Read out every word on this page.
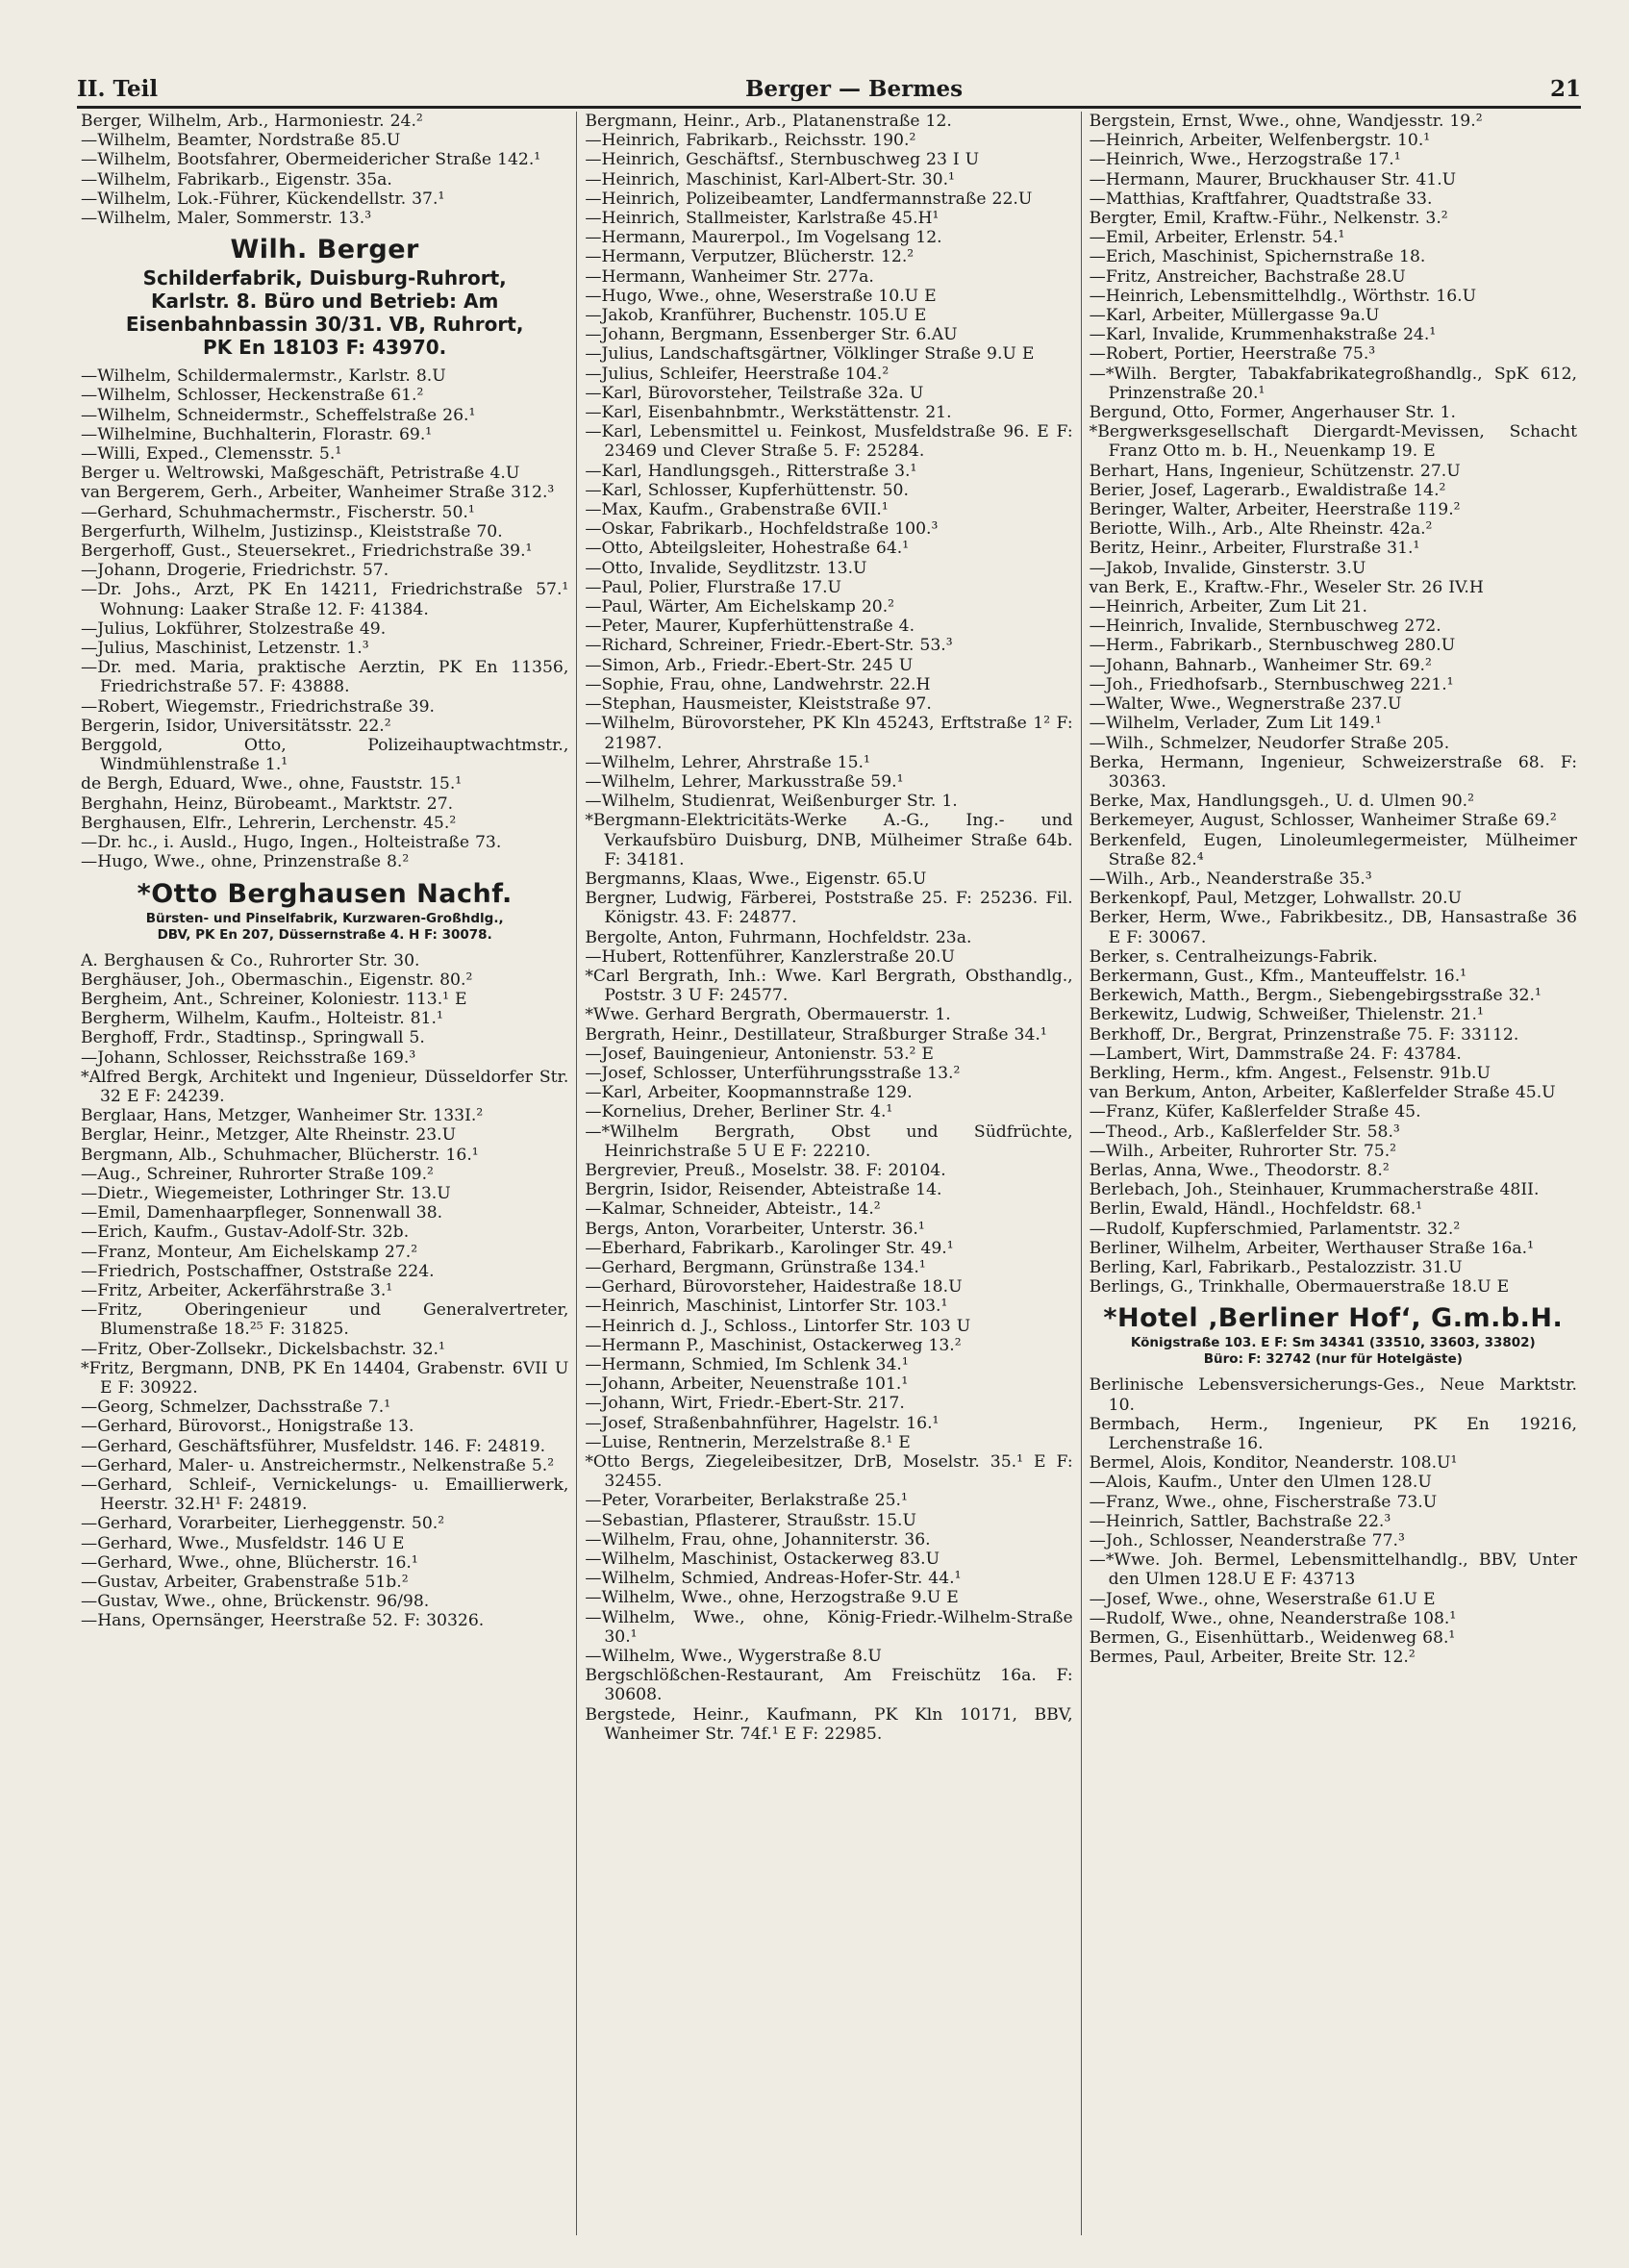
II. Teil	Berger — Bermes	21
Berger, Wilhelm, Arb., Harmoniestr. 24.²
—Wilhelm, Beamter, Nordstraße 85.U
—Wilhelm, Bootsfahrer, Obermeidericher Straße 142.¹
—Wilhelm, Fabrikarb., Eigenstr. 35a.
—Wilhelm, Lok.-Führer, Kückendellstr. 37.¹
—Wilhelm, Maler, Sommerstr. 13.³
Wilh. Berger
Schilderfabrik, Duisburg-Ruhrort,
Karlstr. 8. Büro und Betrieb: Am
Eisenbahnbassin 30/31. VB, Ruhrort,
PK En 18103 F: 43970.
—Wilhelm, Schildermalermstr., Karlstr. 8.U
—Wilhelm, Schlosser, Heckenstraße 61.²
—Wilhelm, Schneidermstr., Scheffelstraße 26.¹
—Wilhelmine, Buchhalterin, Florastr. 69.¹
—Willi, Exped., Clemensstr. 5.¹
Berger u. Weltrowski, Maßgeschäft, Petristraße 4.U
van Bergerem, Gerh., Arbeiter, Wanheimer Straße 312.³
—Gerhard, Schuhmachermstr., Fischerstr. 50.¹
Bergerfurth, Wilhelm, Justizinsp., Kleiststraße 70.
Bergerhoff, Gust., Steuersekret., Friedrichstraße 39.¹
—Johann, Drogerie, Friedrichstr. 57.
—Dr. Johs., Arzt, PK En 14211, Friedrichstraße 57.¹ Wohnung: Laaker Straße 12. F: 41384.
—Julius, Lokführer, Stolzestraße 49.
—Julius, Maschinist, Letzenstr. 1.³
—Dr. med. Maria, praktische Aerztin, PK En 11356, Friedrichstraße 57. F: 43888.
—Robert, Wiegemstr., Friedrichstraße 39.
Bergerin, Isidor, Universitätsstr. 22.²
Berggold, Otto, Polizeihauptwachtmstr., Windmühlenstraße 1.¹
de Bergh, Eduard, Wwe., ohne, Fauststr. 15.¹
Berghahn, Heinz, Bürobeamt., Marktstr. 27.
Berghausen, Elfr., Lehrerin, Lerchenstr. 45.²
—Dr. hc., i. Ausld., Hugo, Ingen., Holteistraße 73.
—Hugo, Wwe., ohne, Prinzenstraße 8.²
*Otto Berghausen Nachf.
Bürsten- und Pinselfabrik, Kurzwaren-Großhdlg.,
DBV, PK En 207, Düssernstraße 4. H F: 30078.
A. Berghausen & Co., Ruhrorter Str. 30.
Berghäuser, Joh., Obermaschin., Eigenstr. 80.²
Bergheim, Ant., Schreiner, Koloniestr. 113.¹ E
Bergherm, Wilhelm, Kaufm., Holteistr. 81.¹
Berghoff, Frdr., Stadtinsp., Springwall 5.
—Johann, Schlosser, Reichsstraße 169.³
*Alfred Bergk, Architekt und Ingenieur, Düsseldorfer Str. 32 E F: 24239.
Berglaar, Hans, Metzger, Wanheimer Str. 133I.²
Berglar, Heinr., Metzger, Alte Rheinstr. 23.U
Bergmann, Alb., Schuhmacher, Blücherstr. 16.¹
—Aug., Schreiner, Ruhrorter Straße 109.²
—Dietr., Wiegemeister, Lothringer Str. 13.U
—Emil, Damenhaarpfleger, Sonnenwall 38.
—Erich, Kaufm., Gustav-Adolf-Str. 32b.
—Franz, Monteur, Am Eichelskamp 27.²
—Friedrich, Postschaffner, Oststraße 224.
—Fritz, Arbeiter, Ackerfährstraße 3.¹
—Fritz, Oberingenieur und Generalvertreter, Blumenstraße 18.²⁵ F: 31825.
—Fritz, Ober-Zollsekr., Dickelsbachstr. 32.¹
*Fritz, Bergmann, DNB, PK En 14404, Grabenstr. 6VII U E F: 30922.
—Georg, Schmelzer, Dachsstraße 7.¹
—Gerhard, Bürovorst., Honigstraße 13.
—Gerhard, Geschäftsführer, Musfeldstr. 146. F: 24819.
—Gerhard, Maler- u. Anstreichermstr., Nelkenstraße 5.²
—Gerhard, Schleif-, Vernickelungs- u. Emaillierwerk, Heerstr. 32.H¹ F: 24819.
—Gerhard, Vorarbeiter, Lierheggenstr. 50.²
—Gerhard, Wwe., Musfeldstr. 146 U E
—Gerhard, Wwe., ohne, Blücherstr. 16.¹
—Gustav, Arbeiter, Grabenstraße 51b.²
—Gustav, Wwe., ohne, Brückenstr. 96/98.
—Hans, Opernsänger, Heerstraße 52. F: 30326.
Bergmann, Heinr., Arb., Platanenstraße 12.
—Heinrich, Fabrikarb., Reichsstr. 190.²
—Heinrich, Geschäftsf., Sternbuschweg 23 I U
—Heinrich, Maschinist, Karl-Albert-Str. 30.¹
—Heinrich, Polizeibeamter, Landfermannstraße 22.U
—Heinrich, Stallmeister, Karlstraße 45.H¹
—Hermann, Maurerpol., Im Vogelsang 12.
—Hermann, Verputzer, Blücherstr. 12.²
—Hermann, Wanheimer Str. 277a.
—Hugo, Wwe., ohne, Weserstraße 10.U E
—Jakob, Kranführer, Buchenstr. 105.U E
—Johann, Bergmann, Essenberger Str. 6.AU
—Julius, Landschaftsgärtner, Völklinger Straße 9.U E
—Julius, Schleifer, Heerstraße 104.²
—Karl, Bürovorsteher, Teilstraße 32a. U
—Karl, Eisenbahnbmtr., Werkstättenstr. 21.
—Karl, Lebensmittel u. Feinkost, Musfeldstraße 96. E F: 23469 und Clever Straße 5. F: 25284.
—Karl, Handlungsgeh., Ritterstraße 3.¹
—Karl, Schlosser, Kupferhüttenstr. 50.
—Max, Kaufm., Grabenstraße 6VII.¹
—Oskar, Fabrikarb., Hochfeldstraße 100.³
—Otto, Abteilgsleiter, Hohestraße 64.¹
—Otto, Invalide, Seydlitzstr. 13.U
—Paul, Polier, Flurstraße 17.U
—Paul, Wärter, Am Eichelskamp 20.²
—Peter, Maurer, Kupferhüttenstraße 4.
—Richard, Schreiner, Friedr.-Ebert-Str. 53.³
—Simon, Arb., Friedr.-Ebert-Str. 245 U
—Sophie, Frau, ohne, Landwehrstr. 22.H
—Stephan, Hausmeister, Kleiststraße 97.
—Wilhelm, Bürovorsteher, PK Kln 45243, Erftstraße 1² F: 21987.
—Wilhelm, Lehrer, Ahrstraße 15.¹
—Wilhelm, Lehrer, Markusstraße 59.¹
—Wilhelm, Studienrat, Weißenburger Str. 1.
*Bergmann-Elektricitäts-Werke A.-G., Ing.- und Verkaufsbüro Duisburg, DNB, Mülheimer Straße 64b. F: 34181.
Bergmanns, Klaas, Wwe., Eigenstr. 65.U
Bergner, Ludwig, Färberei, Poststraße 25. F: 25236. Fil. Königstr. 43. F: 24877.
Bergolte, Anton, Fuhrmann, Hochfeldstr. 23a.
—Hubert, Rottenführer, Kanzlerstraße 20.U
*Carl Bergrath, Inh.: Wwe. Karl Bergrath, Obsthandlg., Poststr. 3 U F: 24577.
*Wwe. Gerhard Bergrath, Obermauerstr. 1.
Bergrath, Heinr., Destillateur, Straßburger Straße 34.¹
—Josef, Bauingenieur, Antonienstr. 53.² E
—Josef, Schlosser, Unterführungsstraße 13.²
—Karl, Arbeiter, Koopmannstraße 129.
—Kornelius, Dreher, Berliner Str. 4.¹
—*Wilhelm Bergrath, Obst und Südfrüchte, Heinrichstraße 5 U E F: 22210.
Bergrevier, Preuß., Moselstr. 38. F: 20104.
Bergrin, Isidor, Reisender, Abteistraße 14.
—Kalmar, Schneider, Abteistr., 14.²
Bergs, Anton, Vorarbeiter, Unterstr. 36.¹
—Eberhard, Fabrikarb., Karolinger Str. 49.¹
—Gerhard, Bergmann, Grünstraße 134.¹
—Gerhard, Bürovorsteher, Haidestraße 18.U
—Heinrich, Maschinist, Lintorfer Str. 103.¹
—Heinrich d. J., Schloss., Lintorfer Str. 103 U
—Hermann P., Maschinist, Ostackerweg 13.²
—Hermann, Schmied, Im Schlenk 34.¹
—Johann, Arbeiter, Neuenstraße 101.¹
—Johann, Wirt, Friedr.-Ebert-Str. 217.
—Josef, Straßenbahnführer, Hagelstr. 16.¹
—Luise, Rentnerin, Merzelstraße 8.¹ E
*Otto Bergs, Ziegeleibesitzer, DrB, Moselstr. 35.¹ E F: 32455.
—Peter, Vorarbeiter, Berlakstraße 25.¹
—Sebastian, Pflasterer, Straußstr. 15.U
—Wilhelm, Frau, ohne, Johanniterstr. 36.
—Wilhelm, Maschinist, Ostackerweg 83.U
—Wilhelm, Schmied, Andreas-Hofer-Str. 44.¹
—Wilhelm, Wwe., ohne, Herzogstraße 9.U E
—Wilhelm, Wwe., ohne, König-Friedr.-Wilhelm-Straße 30.¹
—Wilhelm, Wwe., Wygerstraße 8.U
Bergschlößchen-Restaurant, Am Freischütz 16a. F: 30608.
Bergstede, Heinr., Kaufmann, PK Kln 10171, BBV, Wanheimer Str. 74f.¹ E F: 22985.
Bergstein, Ernst, Wwe., ohne, Wandjesstr. 19.²
—Heinrich, Arbeiter, Welfenbergstr. 10.¹
—Heinrich, Wwe., Herzogstraße 17.¹
—Hermann, Maurer, Bruckhauser Str. 41.U
—Matthias, Kraftfahrer, Quadtstraße 33.
Bergter, Emil, Kraftw.-Führ., Nelkenstr. 3.²
—Emil, Arbeiter, Erlenstr. 54.¹
—Erich, Maschinist, Spichernstraße 18.
—Fritz, Anstreicher, Bachstraße 28.U
—Heinrich, Lebensmittelhdlg., Wörthstr. 16.U
—Karl, Arbeiter, Müllergasse 9a.U
—Karl, Invalide, Krummenhakstraße 24.¹
—Robert, Portier, Heerstraße 75.³
—*Wilh. Bergter, Tabakfabrikategroßhandlg., SpK 612, Prinzenstraße 20.¹
Bergund, Otto, Former, Angerhauser Str. 1.
*Bergwerksgesellschaft Diergardt-Mevissen, Schacht Franz Otto m. b. H., Neuenkamp 19. E
Berhart, Hans, Ingenieur, Schützenstr. 27.U
Berier, Josef, Lagerarb., Ewaldistraße 14.²
Beringer, Walter, Arbeiter, Heerstraße 119.²
Beriotte, Wilh., Arb., Alte Rheinstr. 42a.²
Beritz, Heinr., Arbeiter, Flurstraße 31.¹
—Jakob, Invalide, Ginsterstr. 3.U
van Berk, E., Kraftw.-Fhr., Weseler Str. 26 IV.H
—Heinrich, Arbeiter, Zum Lit 21.
—Heinrich, Invalide, Sternbuschweg 272.
—Herm., Fabrikarb., Sternbuschweg 280.U
—Johann, Bahnarb., Wanheimer Str. 69.²
—Joh., Friedhofsarb., Sternbuschweg 221.¹
—Walter, Wwe., Wegnerstraße 237.U
—Wilhelm, Verlader, Zum Lit 149.¹
—Wilh., Schmelzer, Neudorfer Straße 205.
Berka, Hermann, Ingenieur, Schweizerstraße 68. F: 30363.
Berke, Max, Handlungsgeh., U. d. Ulmen 90.²
Berkemeyer, August, Schlosser, Wanheimer Straße 69.²
Berkenfeld, Eugen, Linoleumlegermeister, Mülheimer Straße 82.⁴
—Wilh., Arb., Neanderstraße 35.³
Berkenkopf, Paul, Metzger, Lohwallstr. 20.U
Berker, Herm, Wwe., Fabrikbesitz., DB, Hansastraße 36 E F: 30067.
Berker, s. Centralheizungs-Fabrik.
Berkermann, Gust., Kfm., Manteuffelstr. 16.¹
Berkewich, Matth., Bergm., Siebengebirgsstraße 32.¹
Berkewitz, Ludwig, Schweißer, Thielenstr. 21.¹
Berkhoff, Dr., Bergrat, Prinzenstraße 75. F: 33112.
—Lambert, Wirt, Dammstraße 24. F: 43784.
Berkling, Herm., kfm. Angest., Felsenstr. 91b.U
van Berkum, Anton, Arbeiter, Kaßlerfelder Straße 45.U
—Franz, Küfer, Kaßlerfelder Straße 45.
—Theod., Arb., Kaßlerfelder Str. 58.³
—Wilh., Arbeiter, Ruhrorter Str. 75.²
Berlas, Anna, Wwe., Theodorstr. 8.²
Berlebach, Joh., Steinhauer, Krummacherstraße 48II.
Berlin, Ewald, Händl., Hochfeldstr. 68.¹
—Rudolf, Kupferschmied, Parlamentstr. 32.²
Berliner, Wilhelm, Arbeiter, Werthauser Straße 16a.¹
Berling, Karl, Fabrikarb., Pestalozzistr. 31.U
Berlings, G., Trinkhalle, Obermauerstraße 18.U E
*Hotel ‚Berliner Hof‘, G.m.b.H.
Königstraße 103. E F: Sm 34341 (33510, 33603, 33802)
Büro: F: 32742 (nur für Hotelgäste)
Berlinische Lebensversicherungs-Ges., Neue Marktstr. 10.
Bermbach, Herm., Ingenieur, PK En 19216, Lerchenstraße 16.
Bermel, Alois, Konditor, Neanderstr. 108.U¹
—Alois, Kaufm., Unter den Ulmen 128.U
—Franz, Wwe., ohne, Fischerstraße 73.U
—Heinrich, Sattler, Bachstraße 22.³
—Joh., Schlosser, Neanderstraße 77.³
—*Wwe. Joh. Bermel, Lebensmittelhandlg., BBV, Unter den Ulmen 128.U E F: 43713
—Josef, Wwe., ohne, Weserstraße 61.U E
—Rudolf, Wwe., ohne, Neanderstraße 108.¹
Bermen, G., Eisenhüttarb., Weidenweg 68.¹
Bermes, Paul, Arbeiter, Breite Str. 12.²
